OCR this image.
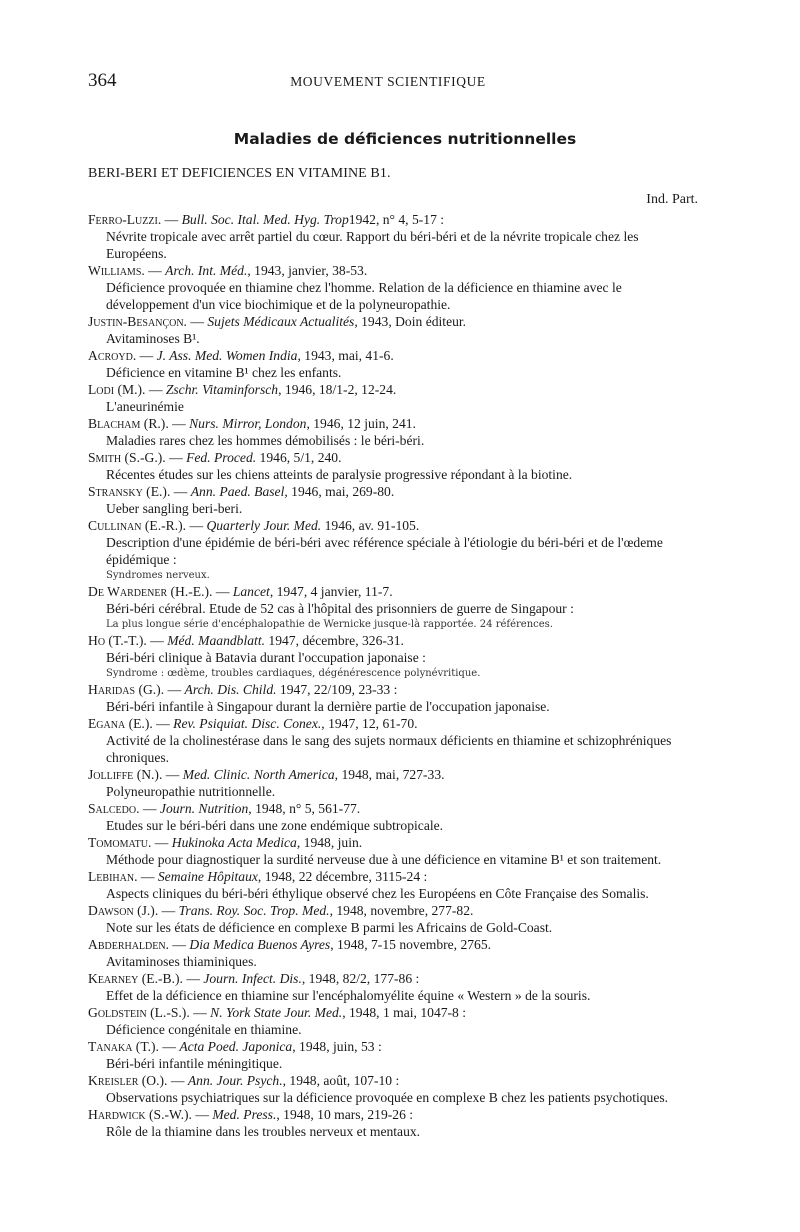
364	MOUVEMENT SCIENTIFIQUE
Maladies de déficiences nutritionnelles
BERI-BERI ET DEFICIENCES EN VITAMINE B1.
Ind. Part.
Ferro-Luzzi. — Bull. Soc. Ital. Med. Hyg. Trop1942, n° 4, 5-17 :
Névrite tropicale avec arrêt partiel du cœur. Rapport du béri-béri et de la névrite tropicale chez les Européens.
Williams. — Arch. Int. Méd., 1943, janvier, 38-53.
Déficience provoquée en thiamine chez l'homme. Relation de la déficience en thiamine avec le développement d'un vice biochimique et de la polyneuropathie.
Justin-Besançon. — Sujets Médicaux Actualités, 1943, Doin éditeur.
Avitaminoses B¹.
Acroyd. — J. Ass. Med. Women India, 1943, mai, 41-6.
Déficience en vitamine B¹ chez les enfants.
Lodi (M.). — Zschr. Vitaminforsch, 1946, 18/1-2, 12-24.
L'aneurinémie
Blacham (R.). — Nurs. Mirror, London, 1946, 12 juin, 241.
Maladies rares chez les hommes démobilisés : le béri-béri.
Smith (S.-G.). — Fed. Proced. 1946, 5/1, 240.
Récentes études sur les chiens atteints de paralysie progressive répondant à la biotine.
Stransky (E.). — Ann. Paed. Basel, 1946, mai, 269-80.
Ueber sangling beri-beri.
Cullinan (E.-R.). — Quarterly Jour. Med. 1946, av. 91-105.
Description d'une épidémie de béri-béri avec référence spéciale à l'étiologie du béri-béri et de l'œdeme épidémique :
Syndromes nerveux.
De Wardener (H.-E.). — Lancet, 1947, 4 janvier, 11-7.
Béri-béri cérébral. Etude de 52 cas à l'hôpital des prisonniers de guerre de Singapour :
La plus longue série d'encéphalopathie de Wernicke jusque-là rapportée. 24 références.
Ho (T.-T.). — Méd. Maandblatt. 1947, décembre, 326-31.
Béri-béri clinique à Batavia durant l'occupation japonaise :
Syndrome : œdème, troubles cardiaques, dégénérescence polynévritique.
Haridas (G.). — Arch. Dis. Child. 1947, 22/109, 23-33 :
Béri-béri infantile à Singapour durant la dernière partie de l'occupation japonaise.
Egana (E.). — Rev. Psiquiat. Disc. Conex., 1947, 12, 61-70.
Activité de la cholinestérase dans le sang des sujets normaux déficients en thiamine et schizophréniques chroniques.
Jolliffe (N.). — Med. Clinic. North America, 1948, mai, 727-33.
Polyneuropathie nutritionnelle.
Salcedo. — Journ. Nutrition, 1948, n° 5, 561-77.
Etudes sur le béri-béri dans une zone endémique subtropicale.
Tomomatu. — Hukinoka Acta Medica, 1948, juin.
Méthode pour diagnostiquer la surdité nerveuse due à une déficience en vitamine B¹ et son traitement.
Lebihan. — Semaine Hôpitaux, 1948, 22 décembre, 3115-24 :
Aspects cliniques du béri-béri éthylique observé chez les Européens en Côte Française des Somalis.
Dawson (J.). — Trans. Roy. Soc. Trop. Med., 1948, novembre, 277-82.
Note sur les états de déficience en complexe B parmi les Africains de Gold-Coast.
Abderhalden. — Dia Medica Buenos Ayres, 1948, 7-15 novembre, 2765.
Avitaminoses thiaminiques.
Kearney (E.-B.). — Journ. Infect. Dis., 1948, 82/2, 177-86 :
Effet de la déficience en thiamine sur l'encéphalomyélite équine « Western » de la souris.
Goldstein (L.-S.). — N. York State Jour. Med., 1948, 1 mai, 1047-8 :
Déficience congénitale en thiamine.
Tanaka (T.). — Acta Poed. Japonica, 1948, juin, 53 :
Béri-béri infantile méningitique.
Kreisler (O.). — Ann. Jour. Psych., 1948, août, 107-10 :
Observations psychiatriques sur la déficience provoquée en complexe B chez les patients psychotiques.
Hardwick (S.-W.). — Med. Press., 1948, 10 mars, 219-26 :
Rôle de la thiamine dans les troubles nerveux et mentaux.
